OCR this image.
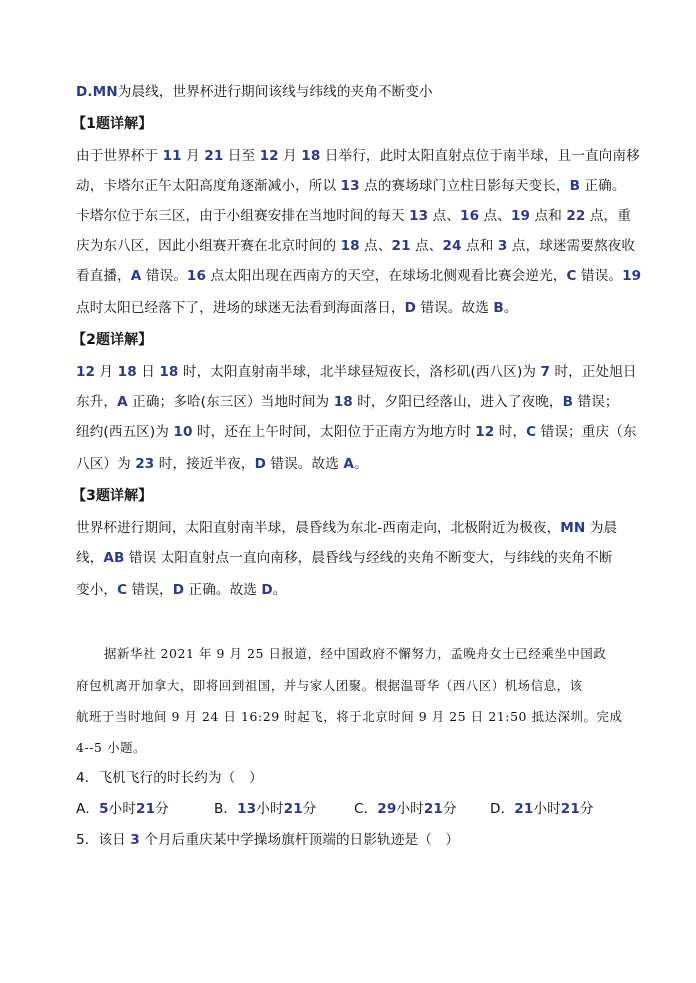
D.MN为晨线，世界杯进行期间该线与纬线的夹角不断变小
【1题详解】
由于世界杯于 11 月 21 日至 12 月 18 日举行，此时太阳直射点位于南半球，且一直向南移
动，卡塔尔正午太阳高度角逐渐减小，所以 13 点的赛场球门立柱日影每天变长，B 正确。
卡塔尔位于东三区，由于小组赛安排在当地时间的每天 13 点、16 点、19 点和 22 点，重
庆为东八区，因此小组赛开赛在北京时间的 18 点、21 点、24 点和 3 点，球迷需要熬夜收
看直播，A 错误。16 点太阳出现在西南方的天空，在球场北侧观看比赛会逆光，C 错误。19
点时太阳已经落下了，进场的球迷无法看到海面落日，D 错误。故选 B。
【2题详解】
12 月 18 日 18 时，太阳直射南半球，北半球昼短夜长，洛杉矶(西八区)为 7 时，正处旭日
东升，A 正确；多哈(东三区）当地时间为 18 时，夕阳已经落山，进入了夜晚，B 错误；
纽约(西五区)为 10 时，还在上午时间，太阳位于正南方为地方时 12 时，C 错误；重庆（东
八区）为 23 时，接近半夜，D 错误。故选 A。
【3题详解】
世界杯进行期间，太阳直射南半球，晨昏线为东北-西南走向，北极附近为极夜，MN 为晨
线，AB 错误 太阳直射点一直向南移，晨昏线与经线的夹角不断变大，与纬线的夹角不断
变小，C 错误，D 正确。故选 D。
据新华社 2021 年 9 月 25 日报道，经中国政府不懈努力，孟晚舟女士已经乘坐中国政
府包机离开加拿大，即将回到祖国，并与家人团聚。根据温哥华（西八区）机场信息，该
航班于当时地间 9 月 24 日 16:29 时起飞，将于北京时间 9 月 25 日 21:50 抵达深圳。完成
4--5 小题。
4．飞机飞行的时长约为（　）
A．5小时21分	B．13小时21分	C．29小时21分 D．21小时21分
5．该日 3 个月后重庆某中学操场旗杆顶端的日影轨迹是（　）
